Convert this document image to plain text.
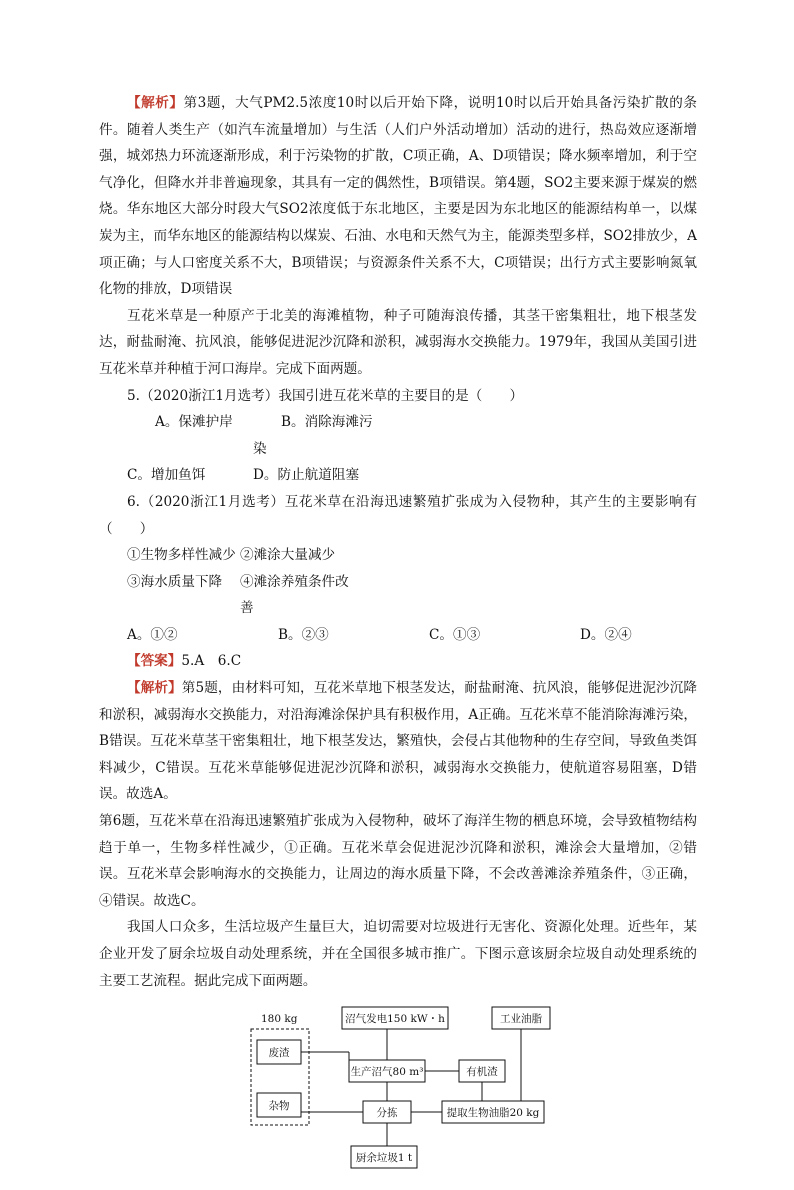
【解析】第3题，大气PM2.5浓度10时以后开始下降，说明10时以后开始具备污染扩散的条件。随着人类生产（如汽车流量增加）与生活（人们户外活动增加）活动的进行，热岛效应逐渐增强，城郊热力环流逐渐形成，利于污染物的扩散，C项正确，A、D项错误；降水频率增加，利于空气净化，但降水并非普遍现象，其具有一定的偶然性，B项错误。第4题，SO2主要来源于煤炭的燃烧。华东地区大部分时段大气SO2浓度低于东北地区，主要是因为东北地区的能源结构单一，以煤炭为主，而华东地区的能源结构以煤炭、石油、水电和天然气为主，能源类型多样，SO2排放少，A项正确；与人口密度关系不大，B项错误；与资源条件关系不大，C项错误；出行方式主要影响氮氧化物的排放，D项错误

互花米草是一种原产于北美的海滩植物，种子可随海浪传播，其茎干密集粗壮，地下根茎发达，耐盐耐淹、抗风浪，能够促进泥沙沉降和淤积，减弱海水交换能力。1979年，我国从美国引进互花米草并种植于河口海岸。完成下面两题。

5.（2020浙江1月选考）我国引进互花米草的主要目的是（　　）

A。保滩护岸	B。消除海滩污染
C。增加鱼饵	D。防止航道阻塞

6.（2020浙江1月选考）互花米草在沿海迅速繁殖扩张成为入侵物种，其产生的主要影响有（　　）

①生物多样性减少 ②滩涂大量减少
③海水质量下降	④滩涂养殖条件改善
A。①②	B。②③	C。①③	D。②④

【答案】5.A　6.C

【解析】第5题，由材料可知，互花米草地下根茎发达，耐盐耐淹、抗风浪，能够促进泥沙沉降和淤积，减弱海水交换能力，对沿海滩涂保护具有积极作用，A正确。互花米草不能消除海滩污染，B错误。互花米草茎干密集粗壮，地下根茎发达，繁殖快，会侵占其他物种的生存空间，导致鱼类饵料减少，C错误。互花米草能够促进泥沙沉降和淤积，减弱海水交换能力，使航道容易阻塞，D错误。故选A。

第6题，互花米草在沿海迅速繁殖扩张成为入侵物种，破坏了海洋生物的栖息环境，会导致植物结构趋于单一，生物多样性减少，①正确。互花米草会促进泥沙沉降和淤积，滩涂会大量增加，②错误。互花米草会影响海水的交换能力，让周边的海水质量下降，不会改善滩涂养殖条件，③正确，④错误。故选C。

我国人口众多，生活垃圾产生量巨大，迫切需要对垃圾进行无害化、资源化处理。近些年，某企业开发了厨余垃圾自动处理系统，并在全国很多城市推广。下图示意该厨余垃圾自动处理系统的主要工艺流程。据此完成下面两题。

180 kg
废渣
杂物
沼气发电150 kW・h	工业油脂
生产沼气80 m³	有机渣
分拣	提取生物油脂20 kg
厨余垃圾1 t
